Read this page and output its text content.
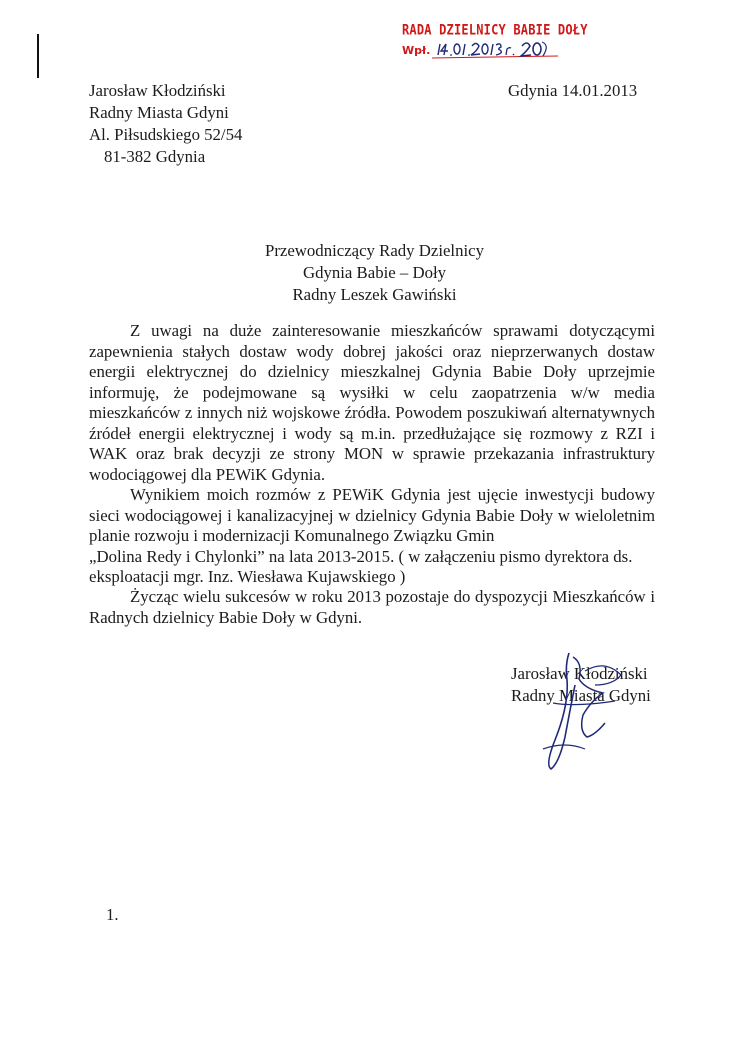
RADA DZIELNICY BABIE DOŁY
Wpł.
Jarosław Kłodziński
Radny Miasta Gdyni
Al. Piłsudskiego 52/54
81-382 Gdynia
Gdynia 14.01.2013
Przewodniczący Rady Dzielnicy
Gdynia Babie – Doły
Radny Leszek Gawiński

Z uwagi na duże zainteresowanie mieszkańców sprawami dotyczącymi zapewnienia stałych dostaw wody dobrej jakości oraz nieprzerwanych dostaw energii elektrycznej do dzielnicy mieszkalnej Gdynia Babie Doły uprzejmie informuję, że podejmowane są wysiłki w celu zaopatrzenia w/w media mieszkańców z innych niż wojskowe źródła. Powodem poszukiwań alternatywnych źródeł energii elektrycznej i wody są m.in. przedłużające się rozmowy z RZI i WAK oraz brak decyzji ze strony MON w sprawie przekazania infrastruktury wodociągowej dla PEWiK Gdynia.

Wynikiem moich rozmów z PEWiK Gdynia jest ujęcie inwestycji budowy sieci wodociągowej i kanalizacyjnej w dzielnicy Gdynia Babie Doły w wieloletnim planie rozwoju i modernizacji Komunalnego Związku Gmin

„Dolina Redy i Chylonki” na lata 2013-2015. ( w załączeniu pismo dyrektora ds. eksploatacji mgr. Inz. Wiesława Kujawskiego )

Życząc wielu sukcesów w roku 2013 pozostaje do dyspozycji Mieszkańców i Radnych dzielnicy Babie Doły w Gdyni.

Jarosław Kłodziński
Radny Miasta Gdyni
1.
